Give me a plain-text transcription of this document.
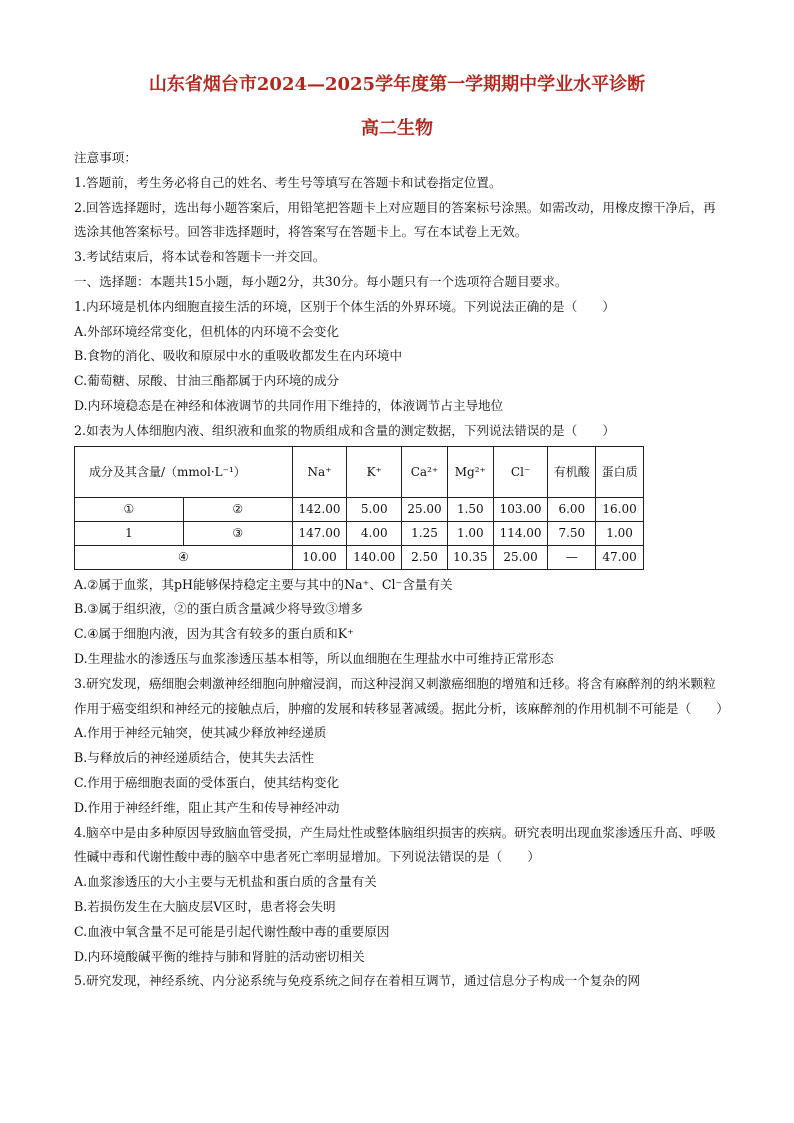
山东省烟台市2024—2025学年度第一学期期中学业水平诊断
高二生物

注意事项：

1.答题前，考生务必将自己的姓名、考生号等填写在答题卡和试卷指定位置。

2.回答选择题时，选出每小题答案后，用铅笔把答题卡上对应题目的答案标号涂黑。如需改动，用橡皮擦干净后，再选涂其他答案标号。回答非选择题时，将答案写在答题卡上。写在本试卷上无效。

3.考试结束后，将本试卷和答题卡一并交回。

一、选择题：本题共15小题，每小题2分，共30分。每小题只有一个选项符合题目要求。

1.内环境是机体内细胞直接生活的环境，区别于个体生活的外界环境。下列说法正确的是（　　）

A.外部环境经常变化，但机体的内环境不会变化

B.食物的消化、吸收和原尿中水的重吸收都发生在内环境中

C.葡萄糖、尿酸、甘油三酯都属于内环境的成分

D.内环境稳态是在神经和体液调节的共同作用下维持的，体液调节占主导地位

2.如表为人体细胞内液、组织液和血浆的物质组成和含量的测定数据，下列说法错误的是（　　）

成分及其含量/（mmol·L⁻¹）		Na⁺	K⁺	Ca²⁺	Mg²⁺	Cl⁻	有机酸	蛋白质
①	②	142.00	5.00	25.00	1.50	103.00	6.00	16.00
1	③	147.00	4.00	1.25	1.00	114.00	7.50	1.00
④		10.00	140.00	2.50	10.35	25.00	—	47.00

A.②属于血浆，其pH能够保持稳定主要与其中的Na⁺、Cl⁻含量有关

B.③属于组织液，②的蛋白质含量减少将导致③增多

C.④属于细胞内液，因为其含有较多的蛋白质和K⁺

D.生理盐水的渗透压与血浆渗透压基本相等，所以血细胞在生理盐水中可维持正常形态

3.研究发现，癌细胞会刺激神经细胞向肿瘤浸润，而这种浸润又刺激癌细胞的增殖和迁移。将含有麻醉剂的纳米颗粒作用于癌变组织和神经元的接触点后，肿瘤的发展和转移显著减缓。据此分析，该麻醉剂的作用机制不可能是（　　）

A.作用于神经元轴突，使其减少释放神经递质

B.与释放后的神经递质结合，使其失去活性

C.作用于癌细胞表面的受体蛋白，使其结构变化

D.作用于神经纤维，阻止其产生和传导神经冲动

4.脑卒中是由多种原因导致脑血管受损，产生局灶性或整体脑组织损害的疾病。研究表明出现血浆渗透压升高、呼吸性碱中毒和代谢性酸中毒的脑卒中患者死亡率明显增加。下列说法错误的是（　　）

A.血浆渗透压的大小主要与无机盐和蛋白质的含量有关

B.若损伤发生在大脑皮层V区时，患者将会失明

C.血液中氧含量不足可能是引起代谢性酸中毒的重要原因

D.内环境酸碱平衡的维持与肺和肾脏的活动密切相关

5.研究发现，神经系统、内分泌系统与免疫系统之间存在着相互调节，通过信息分子构成一个复杂的网
